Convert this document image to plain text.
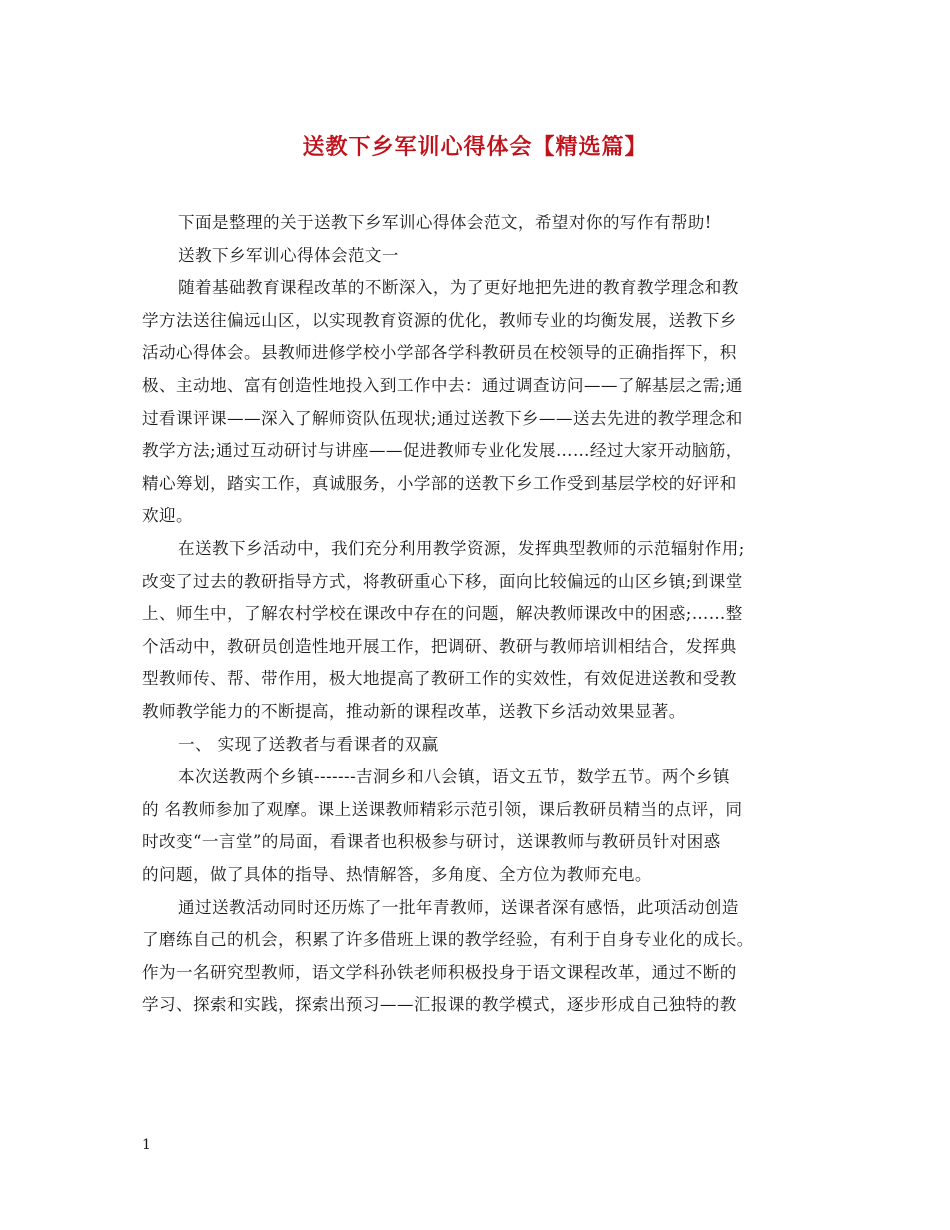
送教下乡军训心得体会【精选篇】
下面是整理的关于送教下乡军训心得体会范文，希望对你的写作有帮助!
送教下乡军训心得体会范文一
随着基础教育课程改革的不断深入，为了更好地把先进的教育教学理念和教
学方法送往偏远山区，以实现教育资源的优化，教师专业的均衡发展，送教下乡
活动心得体会。县教师进修学校小学部各学科教研员在校领导的正确指挥下，积
极、主动地、富有创造性地投入到工作中去：通过调查访问——了解基层之需;通
过看课评课——深入了解师资队伍现状;通过送教下乡——送去先进的教学理念和
教学方法;通过互动研讨与讲座——促进教师专业化发展……经过大家开动脑筋，
精心筹划，踏实工作，真诚服务，小学部的送教下乡工作受到基层学校的好评和
欢迎。
在送教下乡活动中，我们充分利用教学资源，发挥典型教师的示范辐射作用;
改变了过去的教研指导方式，将教研重心下移，面向比较偏远的山区乡镇;到课堂
上、师生中，了解农村学校在课改中存在的问题，解决教师课改中的困惑;……整
个活动中，教研员创造性地开展工作，把调研、教研与教师培训相结合，发挥典
型教师传、帮、带作用，极大地提高了教研工作的实效性，有效促进送教和受教
教师教学能力的不断提高，推动新的课程改革，送教下乡活动效果显著。
一、 实现了送教者与看课者的双赢
本次送教两个乡镇-------吉洞乡和八会镇，语文五节，数学五节。两个乡镇
的 名教师参加了观摩。课上送课教师精彩示范引领，课后教研员精当的点评，同
时改变“一言堂”的局面，看课者也积极参与研讨，送课教师与教研员针对困惑
的问题，做了具体的指导、热情解答，多角度、全方位为教师充电。
通过送教活动同时还历炼了一批年青教师，送课者深有感悟，此项活动创造
了磨练自己的机会，积累了许多借班上课的教学经验，有利于自身专业化的成长。
作为一名研究型教师，语文学科孙铁老师积极投身于语文课程改革，通过不断的
学习、探索和实践，探索出预习——汇报课的教学模式，逐步形成自己独特的教
1
